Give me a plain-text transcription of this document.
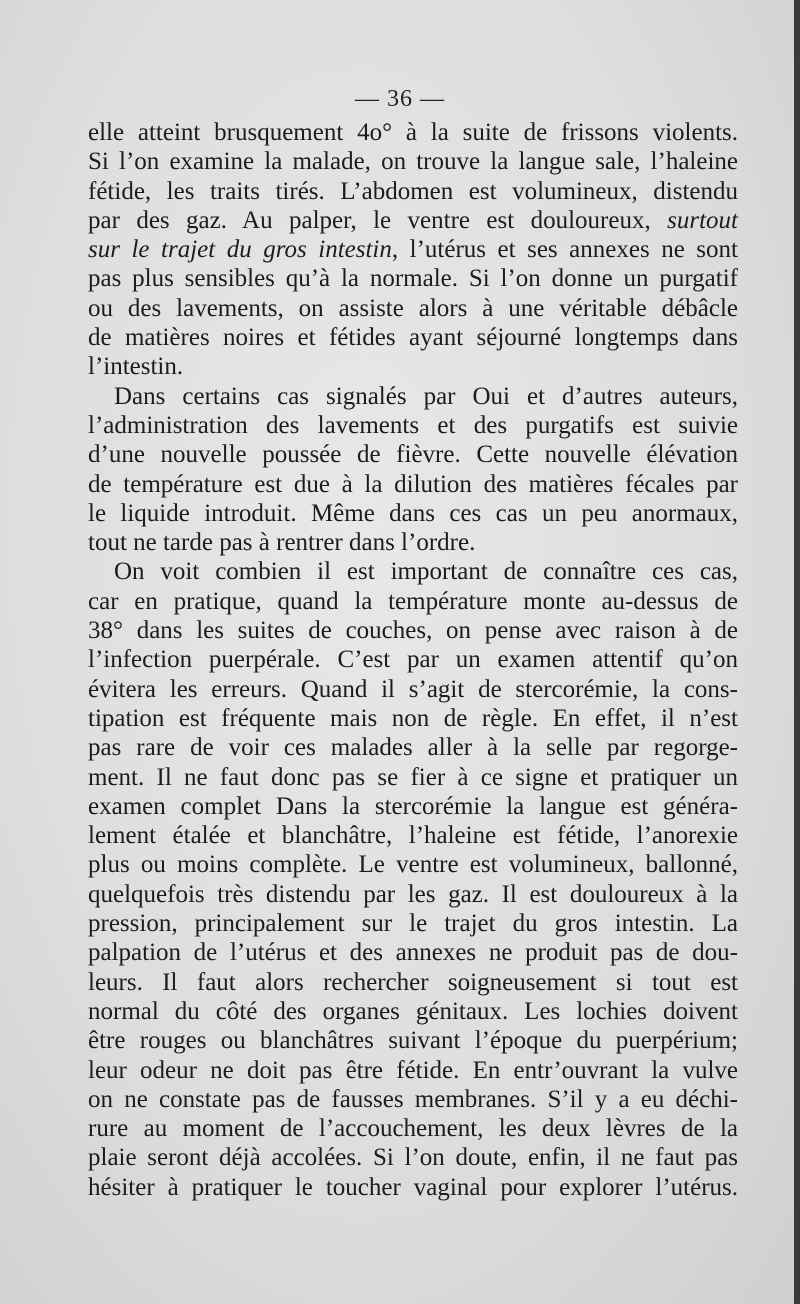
— 36 —
elle atteint brusquement 4o° à la suite de frissons violents.
Si l’on examine la malade, on trouve la langue sale, l’haleine
fétide, les traits tirés. L’abdomen est volumineux, distendu
par des gaz. Au palper, le ventre est douloureux, surtout
sur le trajet du gros intestin, l’utérus et ses annexes ne sont
pas plus sensibles qu’à la normale. Si l’on donne un purgatif
ou des lavements, on assiste alors à une véritable débâcle
de matières noires et fétides ayant séjourné longtemps dans
l’intestin.
Dans certains cas signalés par Oui et d’autres auteurs,
l’administration des lavements et des purgatifs est suivie
d’une nouvelle poussée de fièvre. Cette nouvelle élévation
de température est due à la dilution des matières fécales par
le liquide introduit. Même dans ces cas un peu anormaux,
tout ne tarde pas à rentrer dans l’ordre.
On voit combien il est important de connaître ces cas,
car en pratique, quand la température monte au-dessus de
38° dans les suites de couches, on pense avec raison à de
l’infection puerpérale. C’est par un examen attentif qu’on
évitera les erreurs. Quand il s’agit de stercorémie, la cons-
tipation est fréquente mais non de règle. En effet, il n’est
pas rare de voir ces malades aller à la selle par regorge-
ment. Il ne faut donc pas se fier à ce signe et pratiquer un
examen complet Dans la stercorémie la langue est généra-
lement étalée et blanchâtre, l’haleine est fétide, l’anorexie
plus ou moins complète. Le ventre est volumineux, ballonné,
quelquefois très distendu par les gaz. Il est douloureux à la
pression, principalement sur le trajet du gros intestin. La
palpation de l’utérus et des annexes ne produit pas de dou-
leurs. Il faut alors rechercher soigneusement si tout est
normal du côté des organes génitaux. Les lochies doivent
être rouges ou blanchâtres suivant l’époque du puerpérium;
leur odeur ne doit pas être fétide. En entr’ouvrant la vulve
on ne constate pas de fausses membranes. S’il y a eu déchi-
rure au moment de l’accouchement, les deux lèvres de la
plaie seront déjà accolées. Si l’on doute, enfin, il ne faut pas
hésiter à pratiquer le toucher vaginal pour explorer l’utérus.
